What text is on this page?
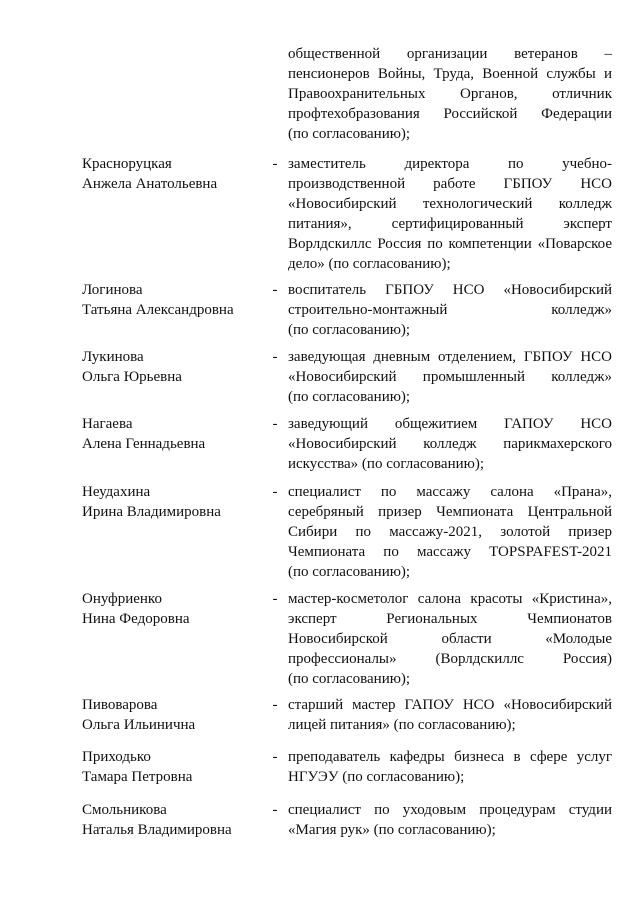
общественной организации ветеранов –
пенсионеров Войны, Труда, Военной службы и
Правоохранительных Органов, отличник
профтехобразования Российской Федерации
(по согласованию);
Красноруцкая
Анжела Анатольевна
- заместитель директора по учебно-
производственной работе ГБПОУ НСО
«Новосибирский технологический колледж
питания», сертифицированный эксперт
Ворлдскиллс Россия по компетенции «Поварское
дело» (по согласованию);
Логинова
Татьяна Александровна
- воспитатель ГБПОУ НСО «Новосибирский
строительно-монтажный колледж»
(по согласованию);
Лукинова
Ольга Юрьевна
- заведующая дневным отделением, ГБПОУ НСО
«Новосибирский промышленный колледж»
(по согласованию);
Нагаева
Алена Геннадьевна
- заведующий общежитием ГАПОУ НСО
«Новосибирский колледж парикмахерского
искусства» (по согласованию);
Неудахина
Ирина Владимировна
- специалист по массажу салона «Прана»,
серебряный призер Чемпионата Центральной
Сибири по массажу-2021, золотой призер
Чемпионата по массажу TOPSPAFEST-2021
(по согласованию);
Онуфриенко
Нина Федоровна
- мастер-косметолог салона красоты «Кристина»,
эксперт Региональных Чемпионатов
Новосибирской области «Молодые
профессионалы» (Ворлдскиллс Россия)
(по согласованию);
Пивоварова
Ольга Ильинична
- старший мастер ГАПОУ НСО «Новосибирский
лицей питания» (по согласованию);
Приходько
Тамара Петровна
- преподаватель кафедры бизнеса в сфере услуг
НГУЭУ (по согласованию);
Смольникова
Наталья Владимировна
- специалист по уходовым процедурам студии
«Магия рук» (по согласованию);
